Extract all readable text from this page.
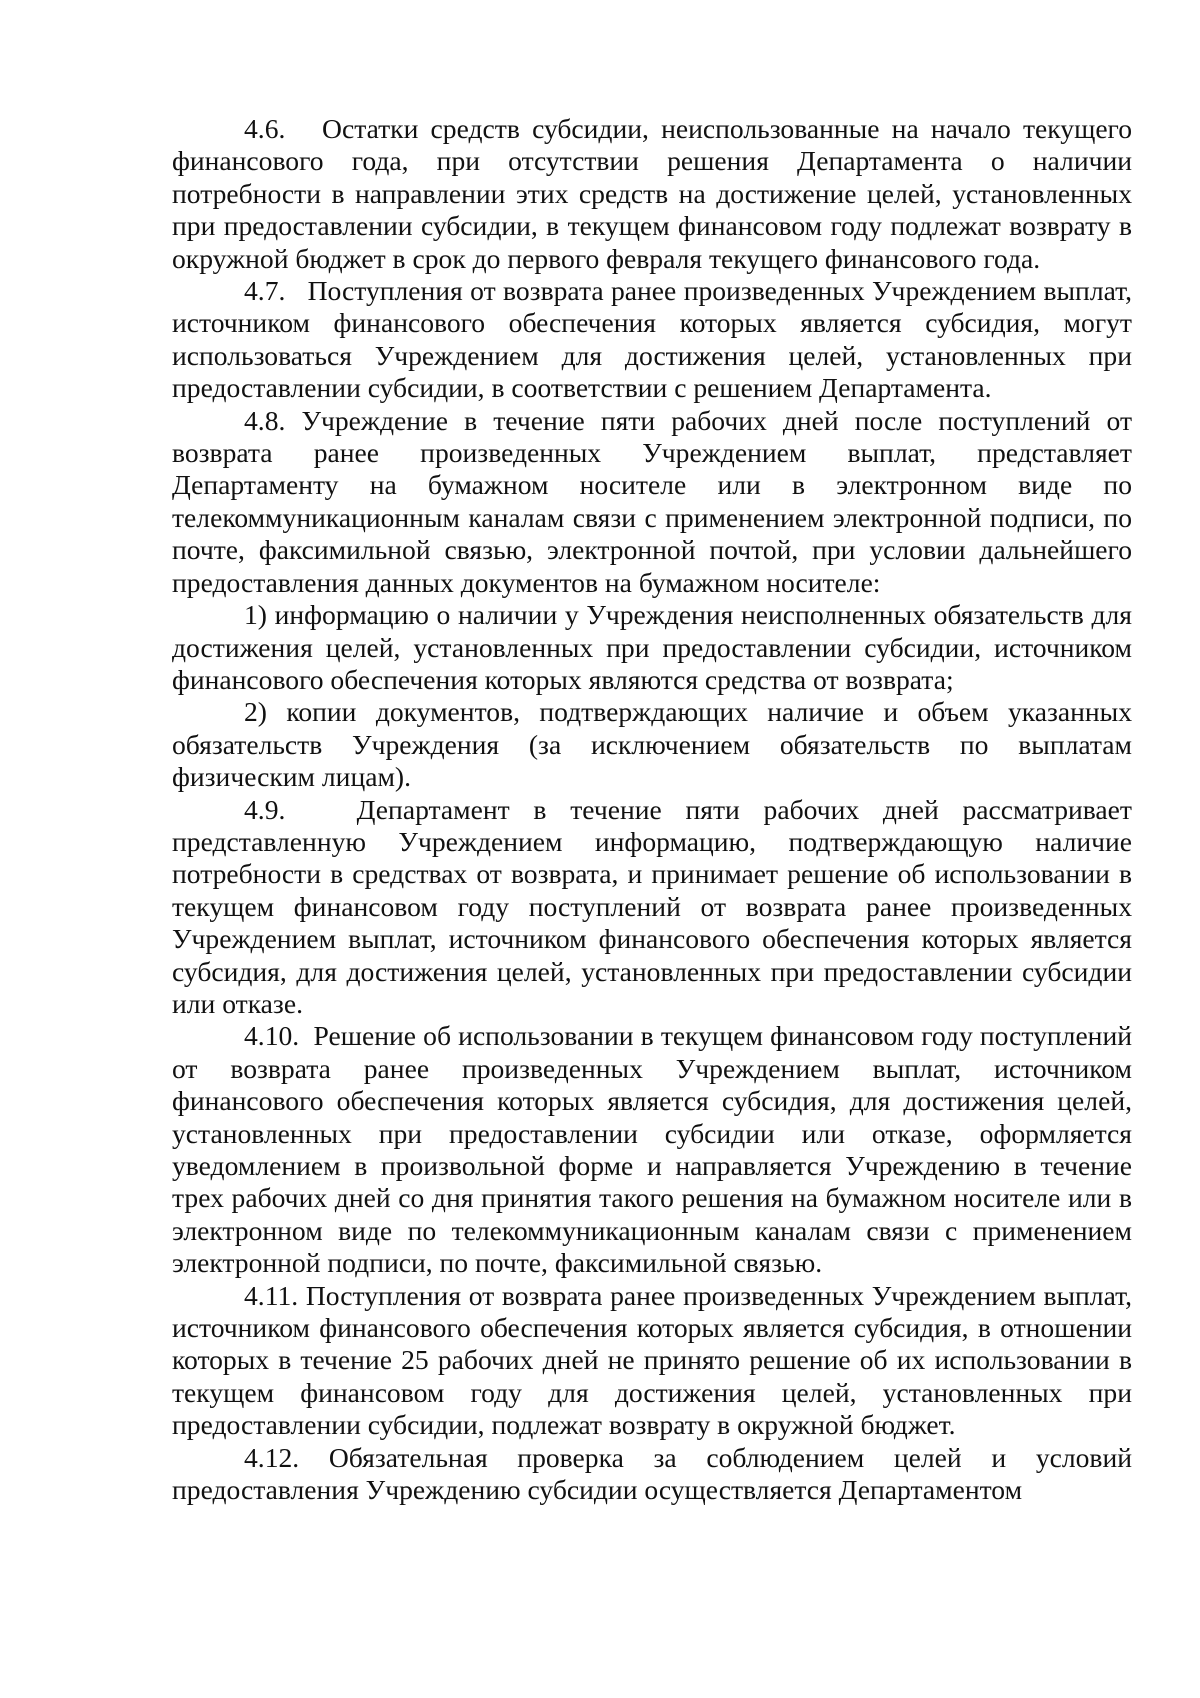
4.6.   Остатки средств субсидии, неиспользованные на начало текущего финансового года, при отсутствии решения Департамента о наличии потребности в направлении этих средств на достижение целей, установленных при предоставлении субсидии, в текущем финансовом году подлежат возврату в окружной бюджет в срок до первого февраля текущего финансового года.

4.7.   Поступления от возврата ранее произведенных Учреждением выплат, источником финансового обеспечения которых является субсидия, могут использоваться Учреждением для достижения целей, установленных при предоставлении субсидии, в соответствии с решением Департамента.

4.8. Учреждение в течение пяти рабочих дней после поступлений от возврата ранее произведенных Учреждением выплат, представляет Департаменту на бумажном носителе или в электронном виде по телекоммуникационным каналам связи с применением электронной подписи, по почте, факсимильной связью, электронной почтой, при условии дальнейшего предоставления данных документов на бумажном носителе:

1) информацию о наличии у Учреждения неисполненных обязательств для достижения целей, установленных при предоставлении субсидии, источником финансового обеспечения которых являются средства от возврата;

2) копии документов, подтверждающих наличие и объем указанных обязательств Учреждения (за исключением обязательств по выплатам физическим лицам).

4.9.   Департамент в течение пяти рабочих дней рассматривает представленную Учреждением информацию, подтверждающую наличие потребности в средствах от возврата, и принимает решение об использовании в текущем финансовом году поступлений от возврата ранее произведенных Учреждением выплат, источником финансового обеспечения которых является субсидия, для достижения целей, установленных при предоставлении субсидии или отказе.

4.10.  Решение об использовании в текущем финансовом году поступлений от возврата ранее произведенных Учреждением выплат, источником финансового обеспечения которых является субсидия, для достижения целей, установленных при предоставлении субсидии или отказе, оформляется уведомлением в произвольной форме и направляется Учреждению в течение трех рабочих дней со дня принятия такого решения на бумажном носителе или в электронном виде по телекоммуникационным каналам связи с применением электронной подписи, по почте, факсимильной связью.

4.11. Поступления от возврата ранее произведенных Учреждением выплат, источником финансового обеспечения которых является субсидия, в отношении которых в течение 25 рабочих дней не принято решение об их использовании в текущем финансовом году для достижения целей, установленных при предоставлении субсидии, подлежат возврату в окружной бюджет.

4.12. Обязательная проверка за соблюдением целей и условий предоставления Учреждению субсидии осуществляется Департаментом
